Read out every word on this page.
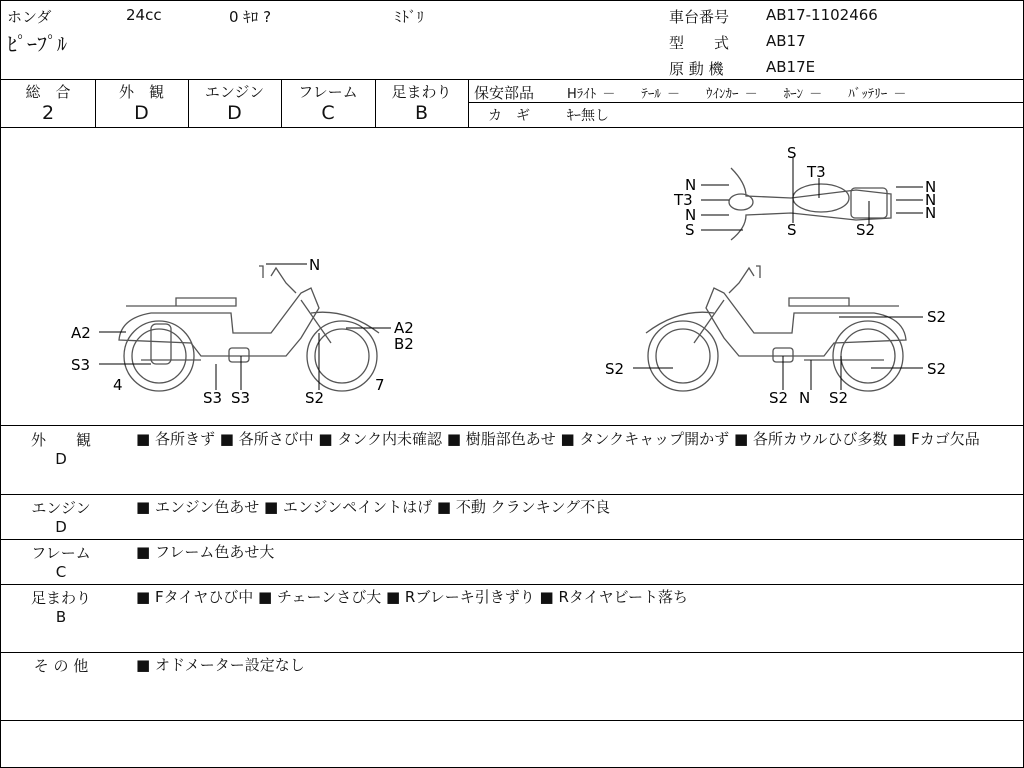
ホンダ	24cc	0 ｷﾛ ?	ﾐﾄﾞﾘ
ﾋﾟｰﾌﾟﾙ
車台番号 AB17-1102466
型　　式 AB17
原 動 機	AB17E
総　合
2
外　観
D
エンジン
D
フレーム
C
足まわり
B
保安部品	Hﾗｲﾄ －　　ﾃｰﾙ －　　ｳｲﾝｶｰ －　　ﾎｰﾝ －　　ﾊﾞｯﾃﾘｰ －
カ　ギ	ｷｰ無し
N
A2	A2
B2
S3
4
S3 S3	S2
7
S2
S2	S2
S2 N S2
S
T3
N
T3
N
S	S
N
N
N
S2
外　　観
D
■ 各所きず ■ 各所さび中 ■ タンク内未確認 ■ 樹脂部色あせ ■ タンクキャップ開かず ■ 各所カウルひび多数 ■ Fカゴ欠品
エンジン
D
■ エンジン色あせ ■ エンジンペイントはげ ■ 不動 クランキング不良
フレーム
C
■ フレーム色あせ大
足まわり
B
■ Fタイヤひび中 ■ チェーンさび大 ■ Rブレーキ引きずり ■ Rタイヤビート落ち
そ の 他	■ オドメーター設定なし
